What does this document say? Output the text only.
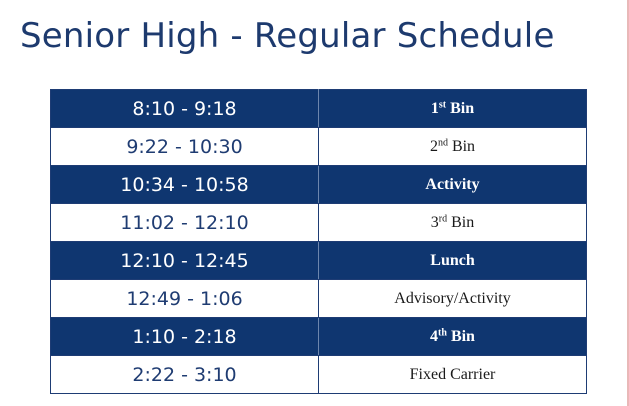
Senior High - Regular Schedule
8:10 - 9:18	1st Bin
9:22 - 10:30	2nd Bin
10:34 - 10:58	Activity
11:02 - 12:10	3rd Bin
12:10 - 12:45	Lunch
12:49 - 1:06	Advisory/Activity
1:10 - 2:18	4th Bin
2:22 - 3:10	Fixed Carrier
